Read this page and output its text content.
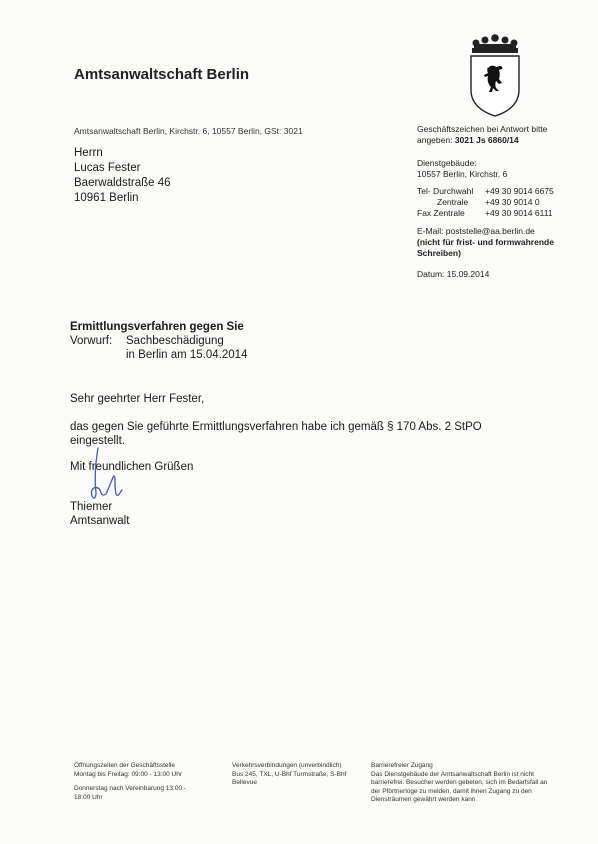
Amtsanwaltschaft Berlin
Amtsanwaltschaft Berlin, Kirchstr. 6, 10557 Berlin, GSt: 3021
Herrn
Lucas Fester
Baerwaldstraße 46
10961 Berlin
Geschäftszeichen bei Antwort bitte
angeben: 3021 Js 6860/14
Dienstgebäude:
10557 Berlin, Kirchstr. 6
Tel- Durchwahl	+49 30 9014 6675
Zentrale	+49 30 9014 0
Fax Zentrale	+49 30 9014 6111
E-Mail: poststelle@aa.berlin.de
(nicht für frist- und formwahrende
Schreiben)
Datum: 15.09.2014
Ermittlungsverfahren gegen Sie
Vorwurf:	Sachbeschädigung
in Berlin am 15.04.2014
Sehr geehrter Herr Fester,
das gegen Sie geführte Ermittlungsverfahren habe ich gemäß § 170 Abs. 2 StPO
eingestellt.
Mit freundlichen Grüßen
Thiemer
Amtsanwalt
Öffnungszeiten der Geschäftsstelle
Montag bis Freitag: 09:00 - 13:00 Uhr
Donnerstag nach Vereinbarung 13:00 -
18:00 Uhr
Verkehrsverbindungen (unverbindlich)
Bus 245, TXL, U-Bhf Turmstraße, S-Bhf
Bellevue
Barrierefreier Zugang
Das Dienstgebäude der Amtsanwaltschaft Berlin ist nicht
barrierefrei. Besucher werden gebeten, sich im Bedarfsfall an
der Pförtnerloge zu melden, damit ihnen Zugang zu den
Diensträumen gewährt werden kann
